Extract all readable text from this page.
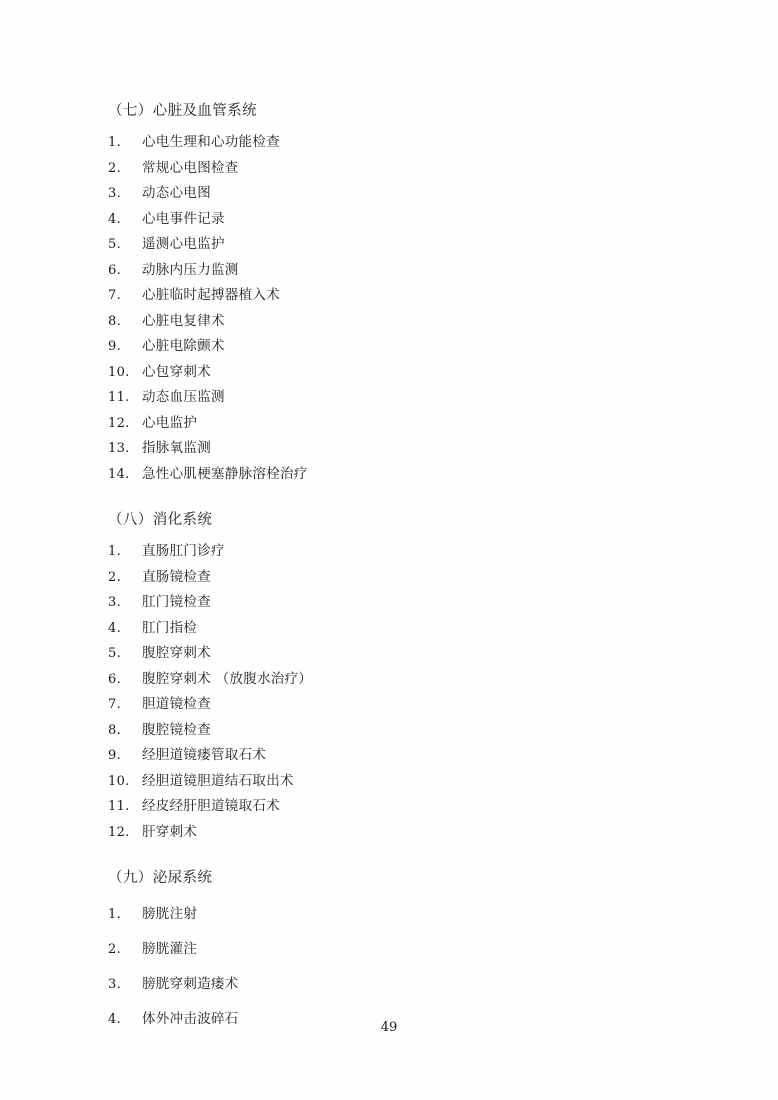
（七）心脏及血管系统
1.	心电生理和心功能检查
2.	常规心电图检查
3.	动态心电图
4.	心电事件记录
5.	遥测心电监护
6.	动脉内压力监测
7.	心脏临时起搏器植入术
8.	心脏电复律术
9.	心脏电除颤术
10. 心包穿刺术
11. 动态血压监测
12. 心电监护
13. 指脉氧监测
14. 急性心肌梗塞静脉溶栓治疗
（八）消化系统
1.	直肠肛门诊疗
2.	直肠镜检查
3.	肛门镜检查
4.	肛门指检
5.	腹腔穿刺术
6.	腹腔穿刺术 （放腹水治疗）
7.	胆道镜检查
8.	腹腔镜检查
9.	经胆道镜瘘管取石术
10. 经胆道镜胆道结石取出术
11. 经皮经肝胆道镜取石术
12. 肝穿刺术
（九）泌尿系统
1.	膀胱注射
2.	膀胱灌注
3.	膀胱穿刺造瘘术
4.	体外冲击波碎石
49
